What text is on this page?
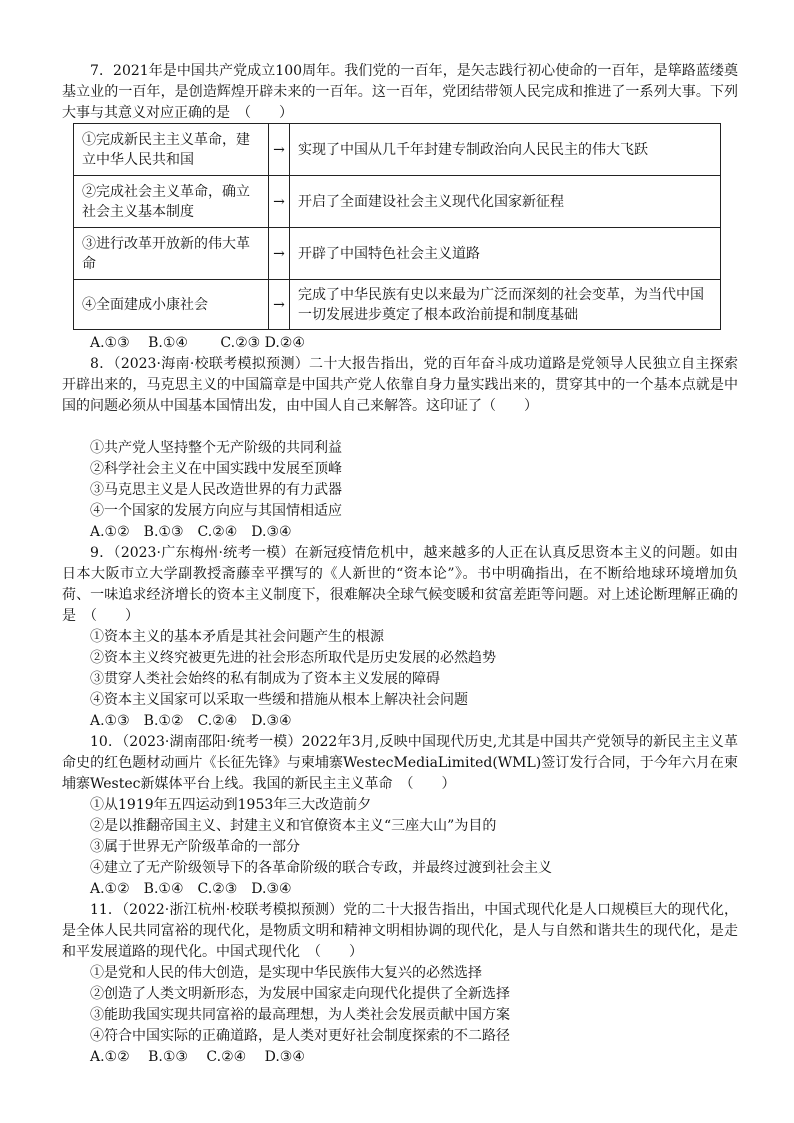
7．2021年是中国共产党成立100周年。我们党的一百年，是矢志践行初心使命的一百年，是筚路蓝缕奠基立业的一百年，是创造辉煌开辟未来的一百年。这一百年，党团结带领人民完成和推进了一系列大事。下列大事与其意义对应正确的是　（　　）
①完成新民主主义革命，建立中华人民共和国	→	实现了中国从几千年封建专制政治向人民民主的伟大飞跃
②完成社会主义革命，确立社会主义基本制度	→	开启了全面建设社会主义现代化国家新征程
③进行改革开放新的伟大革命	→	开辟了中国特色社会主义道路
④全面建成小康社会	→	完成了中华民族有史以来最为广泛而深刻的社会变革，为当代中国一切发展进步奠定了根本政治前提和制度基础
A.①③　 B.①④　　 C.②③ D.②④
8．（2023·海南·校联考模拟预测）二十大报告指出，党的百年奋斗成功道路是党领导人民独立自主探索开辟出来的，马克思主义的中国篇章是中国共产党人依靠自身力量实践出来的，贯穿其中的一个基本点就是中国的问题必须从中国基本国情出发，由中国人自己来解答。这印证了（　　）
①共产党人坚持整个无产阶级的共同利益
②科学社会主义在中国实践中发展至顶峰
③马克思主义是人民改造世界的有力武器
④一个国家的发展方向应与其国情相适应
A.①②　B.①③　C.②④　D.③④
9．（2023·广东梅州·统考一模）在新冠疫情危机中，越来越多的人正在认真反思资本主义的问题。如由日本大阪市立大学副教授斋藤幸平撰写的《人新世的“资本论”》。书中明确指出，在不断给地球环境增加负荷、一味追求经济增长的资本主义制度下，很难解决全球气候变暖和贫富差距等问题。对上述论断理解正确的是　（　　）
①资本主义的基本矛盾是其社会问题产生的根源
②资本主义终究被更先进的社会形态所取代是历史发展的必然趋势
③贯穿人类社会始终的私有制成为了资本主义发展的障碍
④资本主义国家可以采取一些缓和措施从根本上解决社会问题
A.①③　B.①②　C.②④　D.③④
10．（2023·湖南邵阳·统考一模）2022年3月,反映中国现代历史,尤其是中国共产党领导的新民主主义革命史的红色题材动画片《长征先锋》与柬埔寨WestecMediaLimited(WML)签订发行合同，于今年六月在柬埔寨Westec新媒体平台上线。我国的新民主主义革命　（　　）
①从1919年五四运动到1953年三大改造前夕
②是以推翻帝国主义、封建主义和官僚资本主义“三座大山”为目的
③属于世界无产阶级革命的一部分
④建立了无产阶级领导下的各革命阶级的联合专政，并最终过渡到社会主义
A.①②　B.①④　C.②③　D.③④
11．（2022·浙江杭州·校联考模拟预测）党的二十大报告指出，中国式现代化是人口规模巨大的现代化，是全体人民共同富裕的现代化，是物质文明和精神文明相协调的现代化，是人与自然和谐共生的现代化，是走和平发展道路的现代化。中国式现代化　（　　）
①是党和人民的伟大创造，是实现中华民族伟大复兴的必然选择
②创造了人类文明新形态，为发展中国家走向现代化提供了全新选择
③能助我国实现共同富裕的最高理想，为人类社会发展贡献中国方案
④符合中国实际的正确道路，是人类对更好社会制度探索的不二路径
A.①②　 B.①③　 C.②④　 D.③④
